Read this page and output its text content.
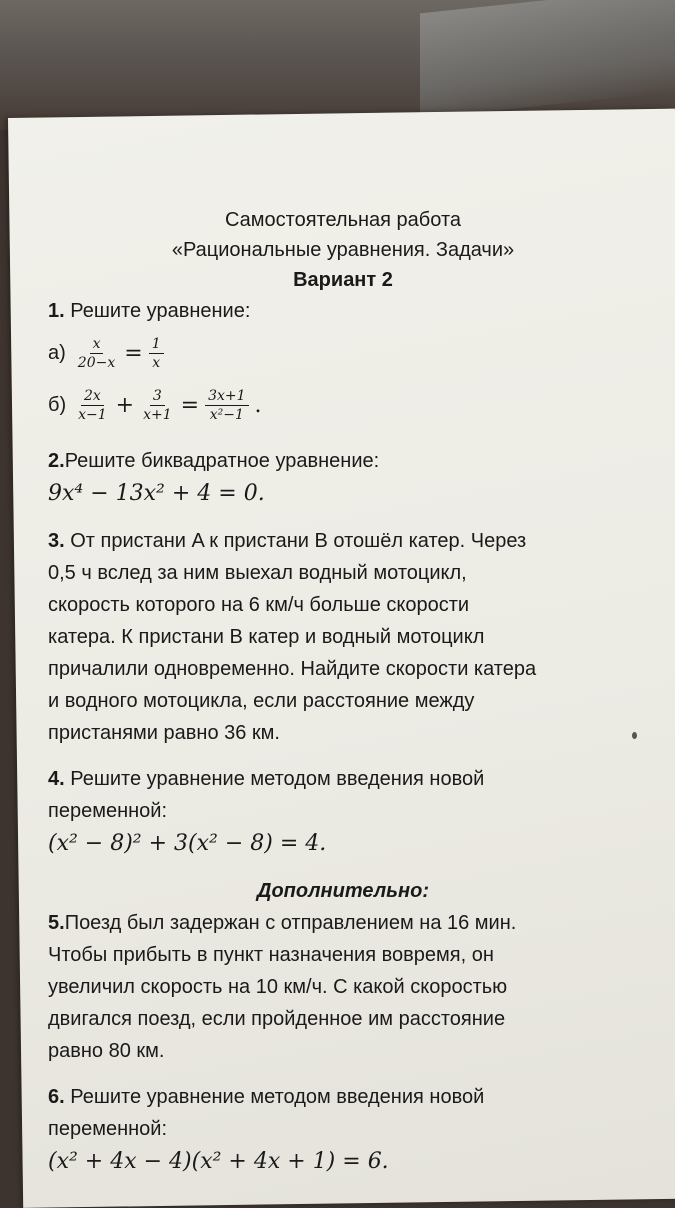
Самостоятельная работа
«Рациональные уравнения. Задачи»
Вариант 2

1. Решите уравнение:

$а) \frac{x}{20-x} = \frac{1}{x}$
$б) \frac{2x}{x-1} + \frac{3}{x+1} = \frac{3x+1}{\text{x²−1}}$ .

2.Решите биквадратное уравнение:

9x⁴ − 13x² + 4 = 0.

3. От пристани A к пристани B отошёл катер. Через
0,5 ч вслед за ним выехал водный мотоцикл,
скорость которого на 6 км/ч больше скорости
катера. К пристани B катер и водный мотоцикл
причалили одновременно. Найдите скорости катера
и водного мотоцикла, если расстояние между
пристанями равно 36 км.

4. Решите уравнение методом введения новой
переменной:

(x² − 8)² + 3(x² − 8) = 4.
Дополнительно:

5.Поезд был задержан с отправлением на 16 мин.
Чтобы прибыть в пункт назначения вовремя, он
увеличил скорость на 10 км/ч. С какой скоростью
двигался поезд, если пройденное им расстояние
равно 80 км.

6. Решите уравнение методом введения новой
переменной:

(x² + 4x − 4)(x² + 4x + 1) = 6.
